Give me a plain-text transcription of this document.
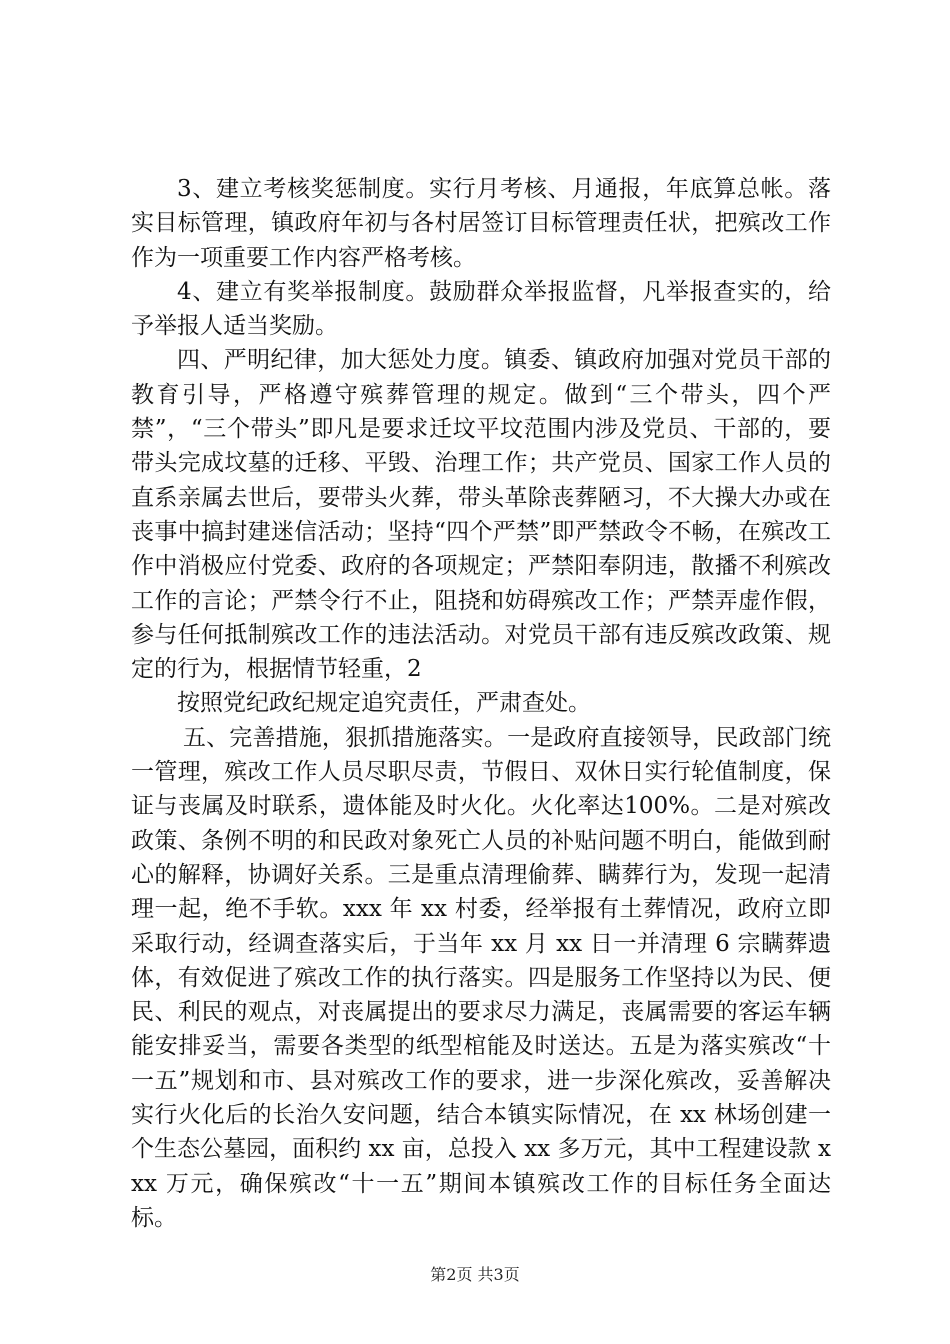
3、建立考核奖惩制度。实行月考核、月通报，年底算总帐。落实目标管理，镇政府年初与各村居签订目标管理责任状，把殡改工作作为一项重要工作内容严格考核。

4、建立有奖举报制度。鼓励群众举报监督，凡举报查实的，给予举报人适当奖励。

四、严明纪律，加大惩处力度。镇委、镇政府加强对党员干部的教育引导，严格遵守殡葬管理的规定。做到“三个带头，四个严禁”，“三个带头”即凡是要求迁坟平坟范围内涉及党员、干部的，要带头完成坟墓的迁移、平毁、治理工作；共产党员、国家工作人员的直系亲属去世后，要带头火葬，带头革除丧葬陋习，不大操大办或在丧事中搞封建迷信活动；坚持“四个严禁”即严禁政令不畅，在殡改工作中消极应付党委、政府的各项规定；严禁阳奉阴违，散播不利殡改工作的言论；严禁令行不止，阻挠和妨碍殡改工作；严禁弄虚作假，参与任何抵制殡改工作的违法活动。对党员干部有违反殡改政策、规定的行为，根据情节轻重，2

按照党纪政纪规定追究责任，严肃查处。

五、完善措施，狠抓措施落实。一是政府直接领导，民政部门统一管理，殡改工作人员尽职尽责，节假日、双休日实行轮值制度，保证与丧属及时联系，遗体能及时火化。火化率达100%。二是对殡改政策、条例不明的和民政对象死亡人员的补贴问题不明白，能做到耐心的解释，协调好关系。三是重点清理偷葬、瞒葬行为，发现一起清理一起，绝不手软。xxx 年 xx 村委，经举报有土葬情况，政府立即采取行动，经调查落实后，于当年 xx 月 xx 日一并清理 6 宗瞒葬遗体，有效促进了殡改工作的执行落实。四是服务工作坚持以为民、便民、利民的观点，对丧属提出的要求尽力满足，丧属需要的客运车辆能安排妥当，需要各类型的纸型棺能及时送达。五是为落实殡改“十一五”规划和市、县对殡改工作的要求，进一步深化殡改，妥善解决实行火化后的长治久安问题，结合本镇实际情况，在 xx 林场创建一个生态公墓园，面积约 xx 亩，总投入 xx 多万元，其中工程建设款 xxx 万元，确保殡改“十一五”期间本镇殡改工作的目标任务全面达标。

第2页 共3页
